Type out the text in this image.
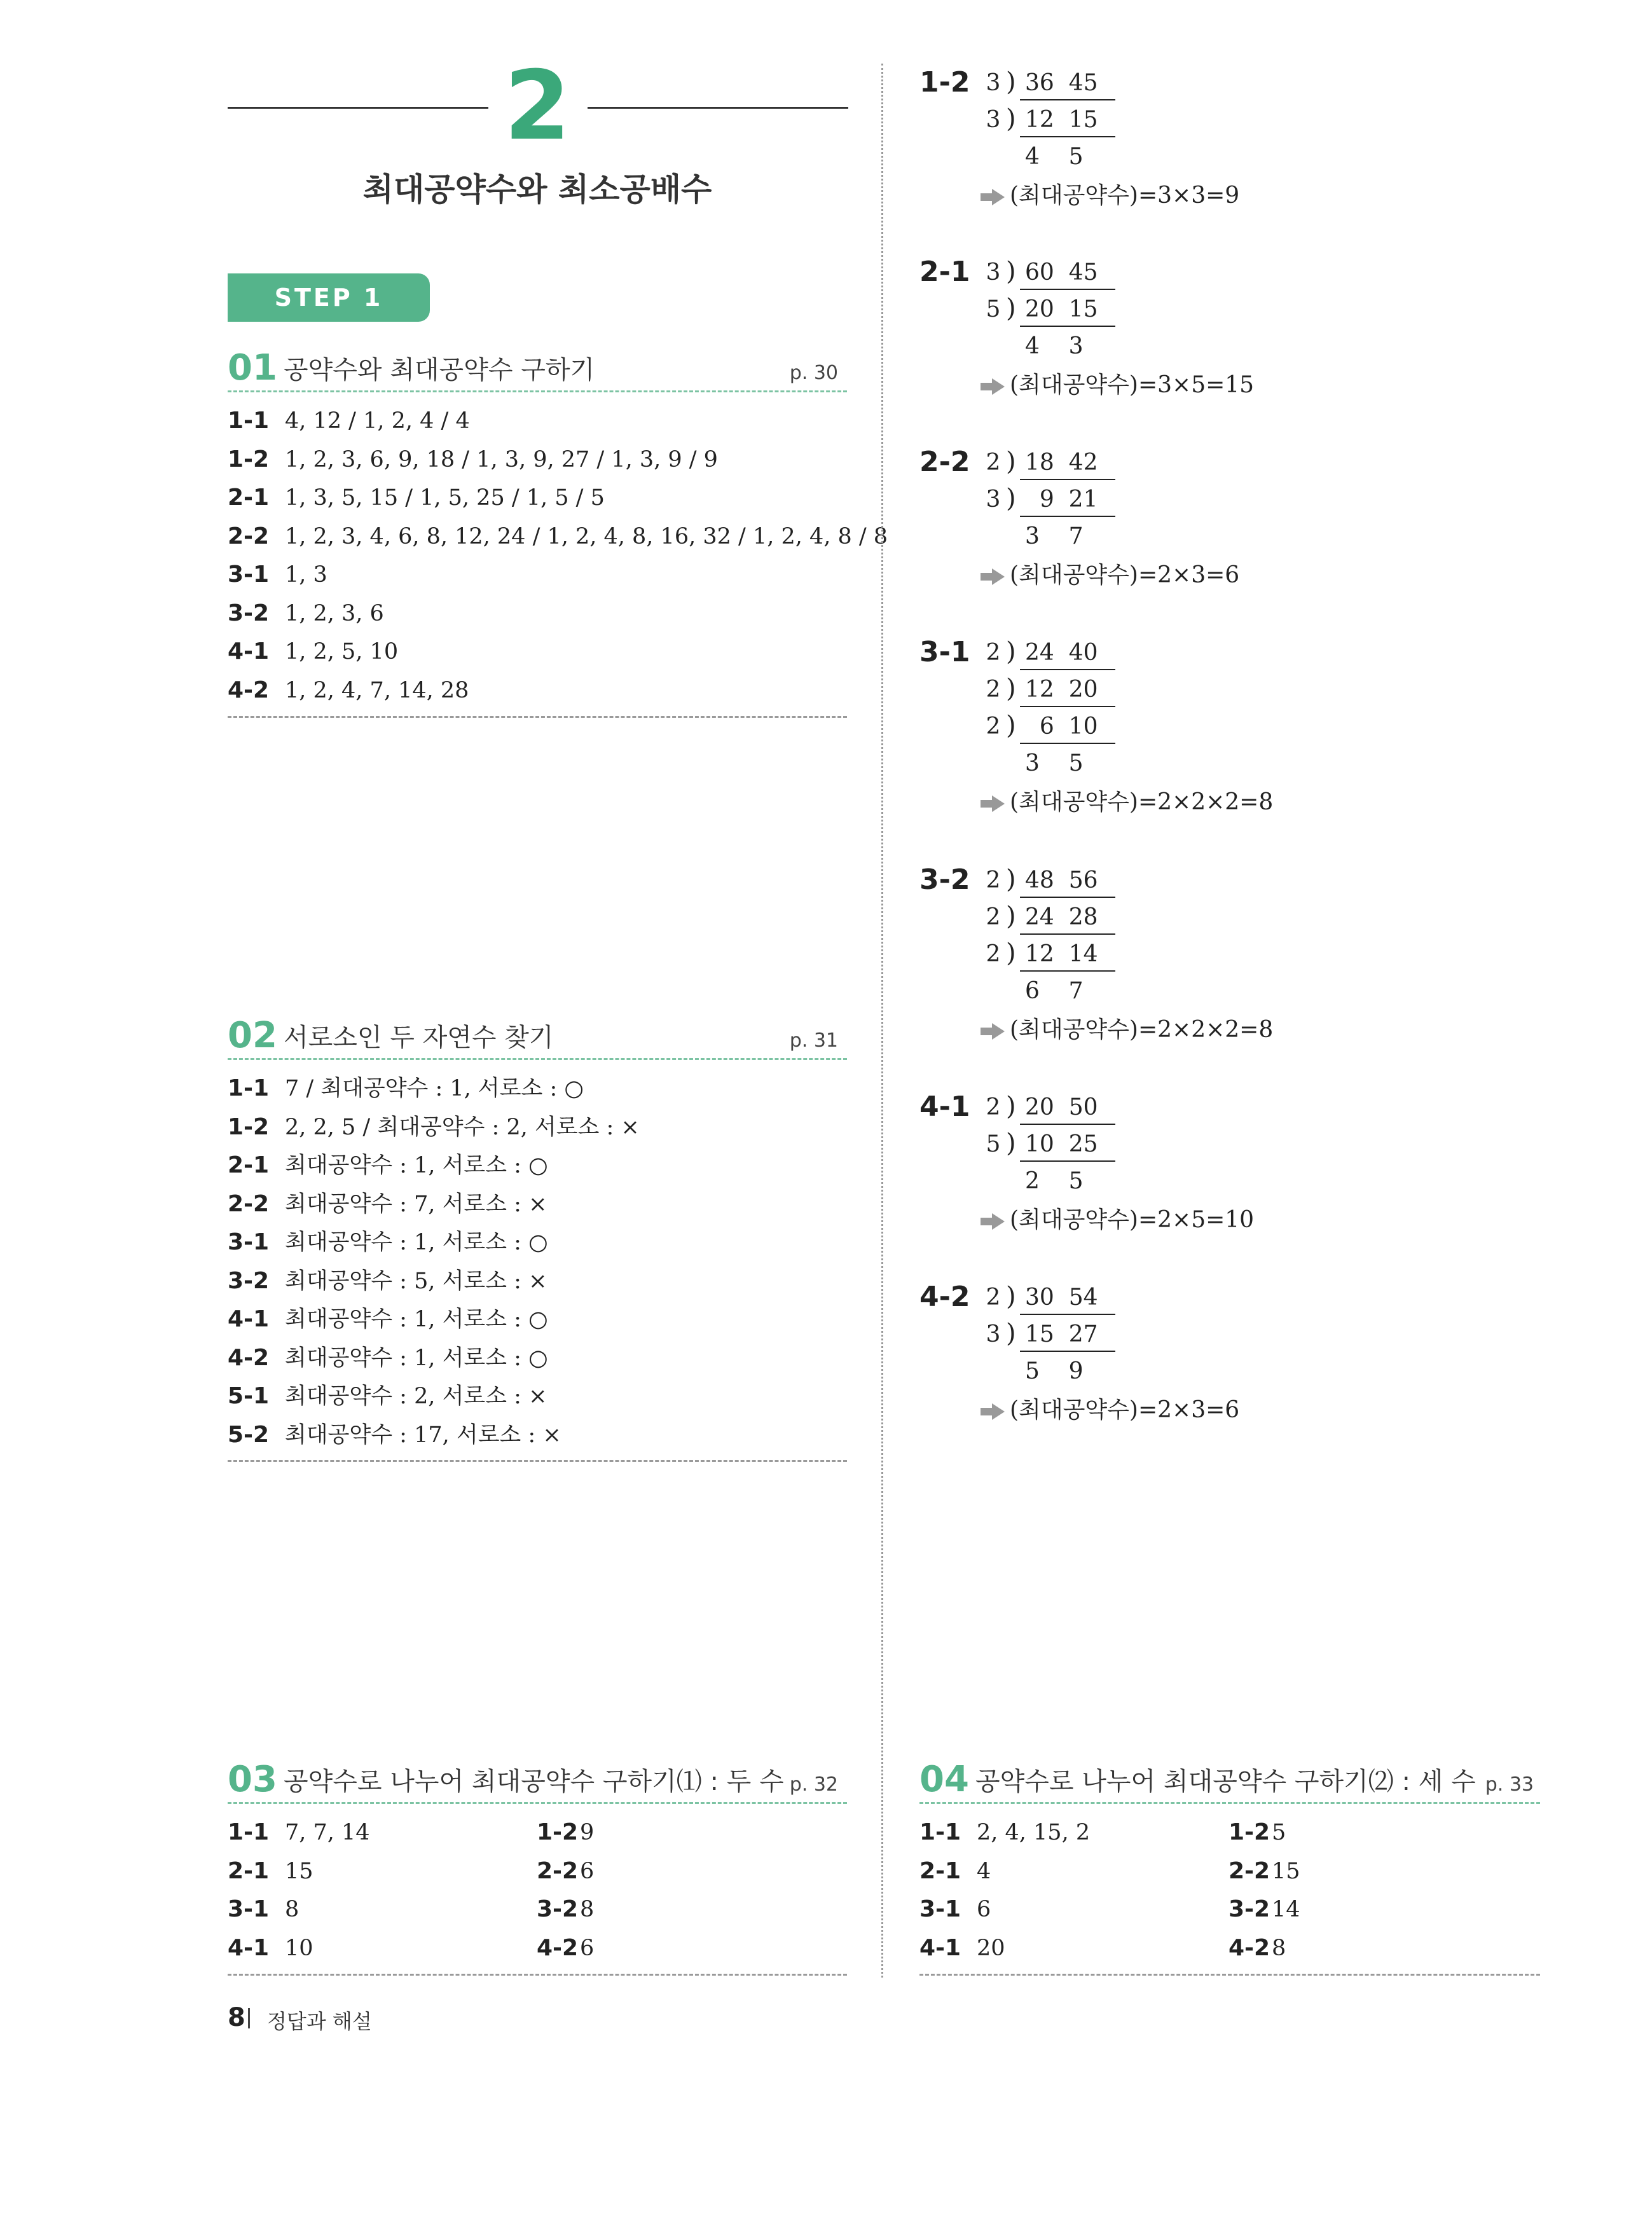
2
최대공약수와 최소공배수
STEP 1
01 공약수와 최대공약수 구하기	p. 30
1-1 4, 12 / 1, 2, 4 / 4
1-2 1, 2, 3, 6, 9, 18 / 1, 3, 9, 27 / 1, 3, 9 / 9
2-1 1, 3, 5, 15 / 1, 5, 25 / 1, 5 / 5
2-2 1, 2, 3, 4, 6, 8, 12, 24 / 1, 2, 4, 8, 16, 32 / 1, 2, 4, 8 / 8
3-1 1, 3
3-2 1, 2, 3, 6
4-1 1, 2, 5, 10
4-2 1, 2, 4, 7, 14, 28
02 서로소인 두 자연수 찾기	p. 31
1-1 7 / 최대공약수 : 1, 서로소 : ○
1-2 2, 2, 5 / 최대공약수 : 2, 서로소 : ×
2-1 최대공약수 : 1, 서로소 : ○
2-2 최대공약수 : 7, 서로소 : ×
3-1 최대공약수 : 1, 서로소 : ○
3-2 최대공약수 : 5, 서로소 : ×
4-1 최대공약수 : 1, 서로소 : ○
4-2 최대공약수 : 1, 서로소 : ○
5-1 최대공약수 : 2, 서로소 : ×
5-2 최대공약수 : 17, 서로소 : ×
03 공약수로 나누어 최대공약수 구하기⑴ : 두 수 p. 32
1-1 7, 7, 14	1-2 9
2-1 15	2-2 6
3-1 8	3-2 8
4-1 10	4-2 6
1-2 3 ) 36  45
3 ) 12  15
4    5
(최대공약수)=3×3=9
2-1 3 ) 60  45
5 ) 20  15
4    3
(최대공약수)=3×5=15
2-2 2 ) 18  42
3 ) 9  21
3    7
(최대공약수)=2×3=6
3-1 2 ) 24  40
2 ) 12  20
2 ) 6  10
3    5
(최대공약수)=2×2×2=8
3-2 2 ) 48  56
2 ) 24  28
2 ) 12  14
6    7
(최대공약수)=2×2×2=8
4-1 2 ) 20  50
5 ) 10  25
2    5
(최대공약수)=2×5=10
4-2 2 ) 30  54
3 ) 15  27
5    9
(최대공약수)=2×3=6
04 공약수로 나누어 최대공약수 구하기⑵ : 세 수 p. 33
1-1 2, 4, 15, 2	1-2 5
2-1 4	2-2 15
3-1 6	3-2 14
4-1 20	4-2 8
8 정답과 해설
